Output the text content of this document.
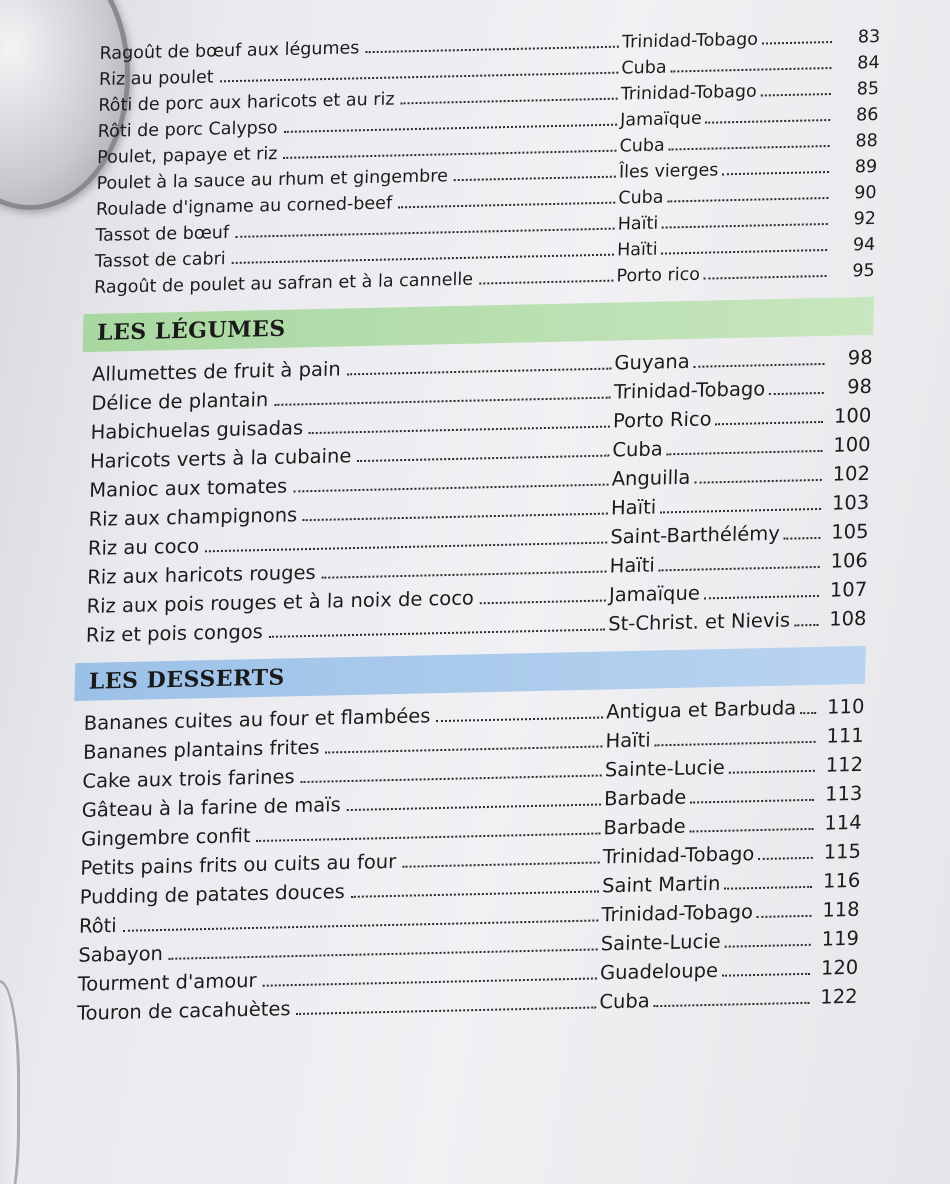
Ragoût de bœuf aux légumes	Trinidad-Tobago	83
Riz au poulet	Cuba	84
Rôti de porc aux haricots et au riz	Trinidad-Tobago	85
Rôti de porc Calypso	Jamaïque	86
Poulet, papaye et riz	Cuba	88
Poulet à la sauce au rhum et gingembre	Îles vierges	89
Roulade d'igname au corned-beef	Cuba	90
Tassot de bœuf	Haïti	92
Tassot de cabri	Haïti	94
Ragoût de poulet au safran et à la cannelle	Porto rico	95
LES LÉGUMES
Allumettes de fruit à pain	Guyana	98
Délice de plantain	Trinidad-Tobago	98
Habichuelas guisadas	Porto Rico	100
Haricots verts à la cubaine	Cuba	100
Manioc aux tomates	Anguilla	102
Riz aux champignons	Haïti	103
Riz au coco	Saint-Barthélémy	105
Riz aux haricots rouges	Haïti	106
Riz aux pois rouges et à la noix de coco	Jamaïque	107
Riz et pois congos	St-Christ. et Nievis	108
LES DESSERTS
Bananes cuites au four et flambées	Antigua et Barbuda	110
Bananes plantains frites	Haïti	111
Cake aux trois farines	Sainte-Lucie	112
Gâteau à la farine de maïs	Barbade	113
Gingembre confit	Barbade	114
Petits pains frits ou cuits au four	Trinidad-Tobago	115
Pudding de patates douces	Saint Martin	116
Rôti	Trinidad-Tobago	118
Sabayon	Sainte-Lucie	119
Tourment d'amour	Guadeloupe	120
Touron de cacahuètes	Cuba	122
